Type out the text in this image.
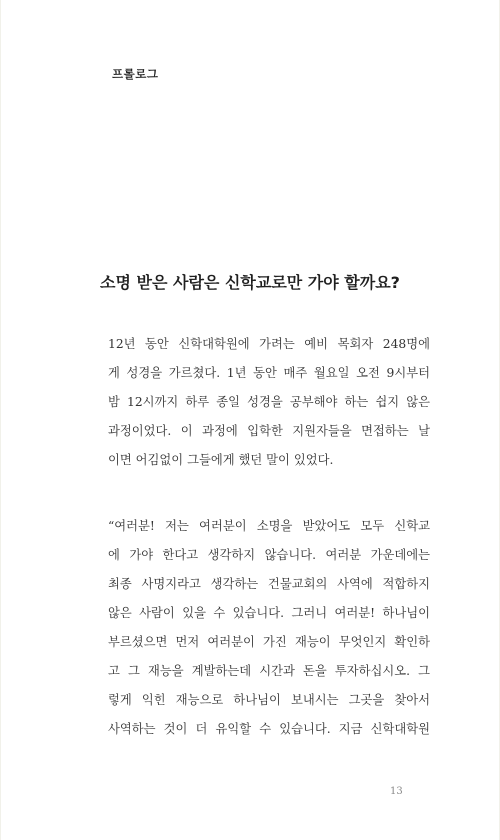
프롤로그
소명 받은 사람은 신학교로만 가야 할까요?
12년 동안 신학대학원에 가려는 예비 목회자 248명에
게 성경을 가르쳤다. 1년 동안 매주 월요일 오전 9시부터
밤 12시까지 하루 종일 성경을 공부해야 하는 쉽지 않은
과정이었다. 이 과정에 입학한 지원자들을 면접하는 날
이면 어김없이 그들에게 했던 말이 있었다.
“여러분! 저는 여러분이 소명을 받았어도 모두 신학교
에 가야 한다고 생각하지 않습니다. 여러분 가운데에는
최종 사명지라고 생각하는 건물교회의 사역에 적합하지
않은 사람이 있을 수 있습니다. 그러니 여러분! 하나님이
부르셨으면 먼저 여러분이 가진 재능이 무엇인지 확인하
고 그 재능을 계발하는데 시간과 돈을 투자하십시오. 그
렇게 익힌 재능으로 하나님이 보내시는 그곳을 찾아서
사역하는 것이 더 유익할 수 있습니다. 지금 신학대학원
13
